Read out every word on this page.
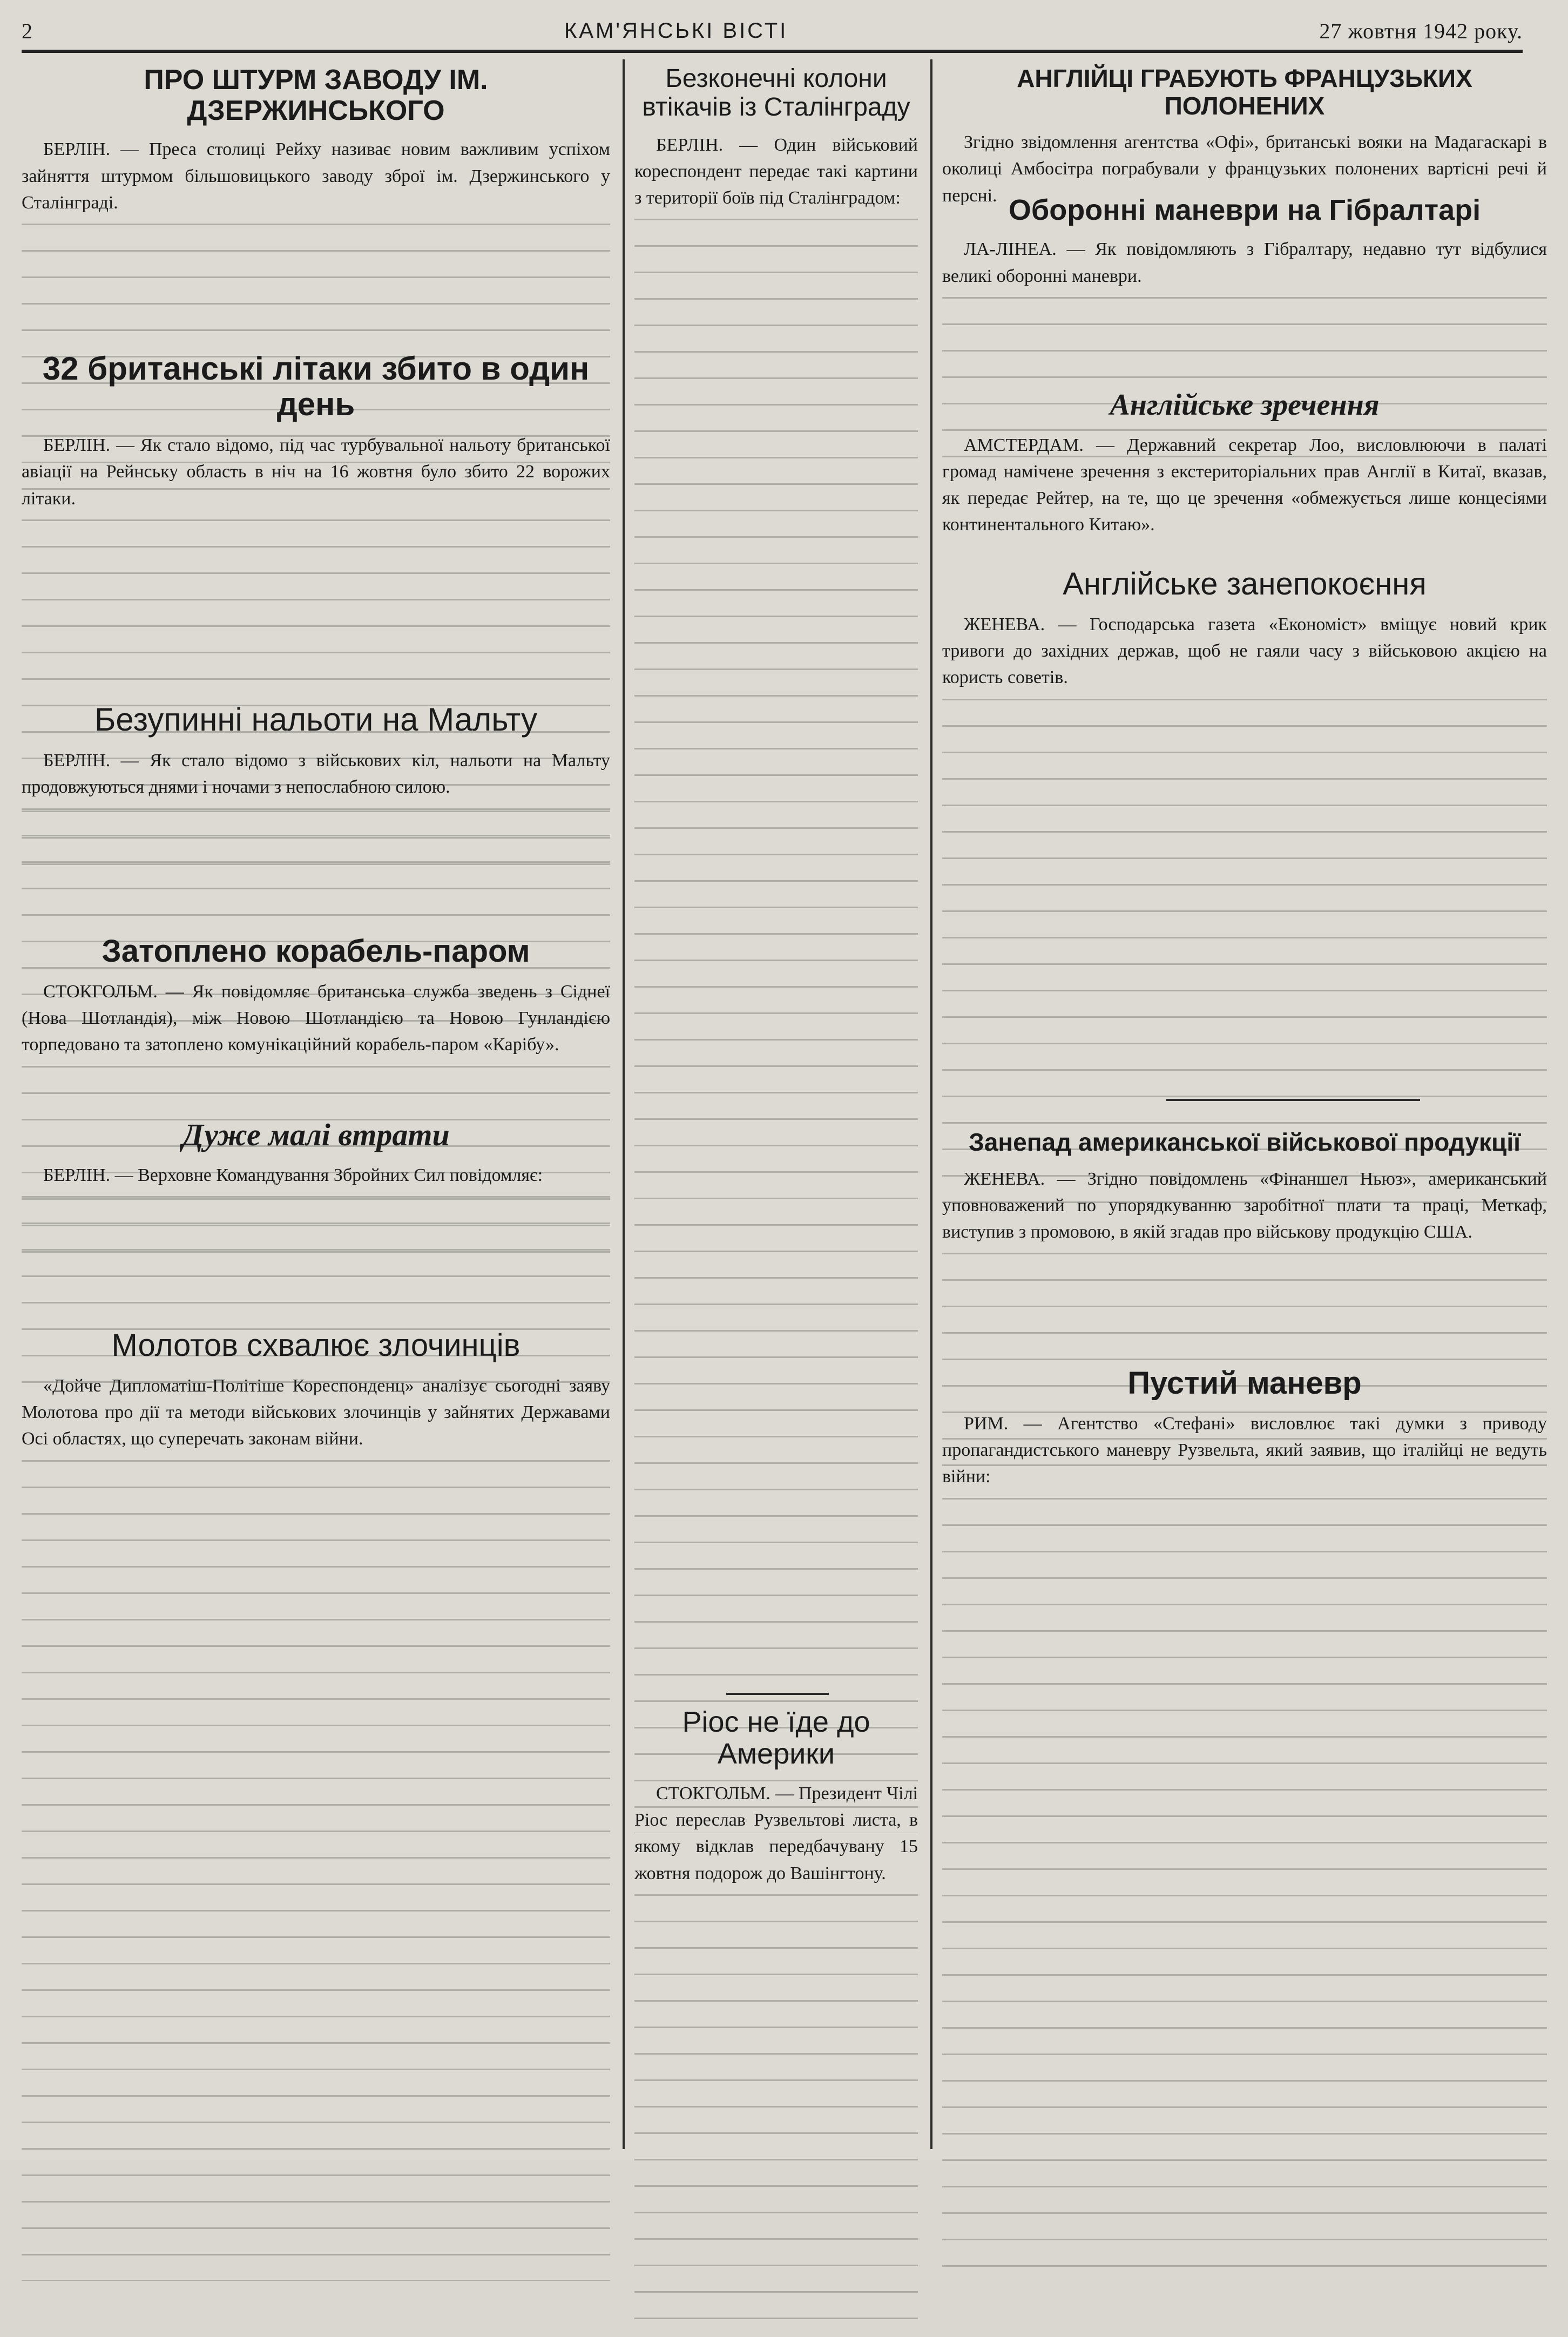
2	КАМ'ЯНСЬКІ ВІСТІ	27 жовтня 1942 року.
ПРО ШТУРМ ЗАВОДУ ІМ. ДЗЕРЖИНСЬКОГО

БЕРЛІН. — Преса столиці Рейху називає новим важливим успіхом зайняття штурмом більшовицького заводу зброї ім. Дзержинського у Сталінграді.

32 британські літаки збито в один день

БЕРЛІН. — Як стало відомо, під час турбувальної нальоту британської авіації на Рейнську область в ніч на 16 жовтня було збито 22 ворожих літаки.

Безупинні нальоти на Мальту

БЕРЛІН. — Як стало відомо з військових кіл, нальоти на Мальту продовжуються днями і ночами з непослабною силою.

Затоплено корабель-паром

СТОКГОЛЬМ. — Як повідомляє британська служба зведень з Сіднеї (Нова Шотландія), між Новою Шотландією та Новою Гунландією торпедовано та затоплено комунікаційний корабель-паром «Карібу».

Дуже малі втрати

БЕРЛІН. — Верховне Командування Збройних Сил повідомляє:

Молотов схвалює злочинців

«Дойче Дипломатіш-Політіше Кореспонденц» аналізує сьогодні заяву Молотова про дії та методи військових злочинців у зайнятих Державами Осі областях, що суперечать законам війни.

Безконечні колони втікачів із Сталінграду

БЕРЛІН. — Один військовий кореспондент передає такі картини з території боїв під Сталінградом:

Ріос не їде до Америки

СТОКГОЛЬМ. — Президент Чілі Ріос переслав Рузвельтові листа, в якому відклав передбачувану 15 жовтня подорож до Вашінгтону.

АНГЛІЙЦІ ГРАБУЮТЬ ФРАНЦУЗЬКИХ ПОЛОНЕНИХ

Згідно звідомлення агентства «Офі», британські вояки на Мадагаскарі в околиці Амбосітра пограбували у французьких полонених вартісні речі й персні. Оборонні маневри на Гібралтарі

ЛА-ЛІНЕА. — Як повідомляють з Гібралтару, недавно тут відбулися великі оборонні маневри.

Англійське зречення

АМСТЕРДАМ. — Державний секретар Лоо, висловлюючи в палаті громад намічене зречення з екстериторіальних прав Англії в Китаї, вказав, як передає Рейтер, на те, що це зречення «обмежується лише концесіями континентального Китаю».

Англійське занепокоєння

ЖЕНЕВА. — Господарська газета «Економіст» вміщує новий крик тривоги до західних держав, щоб не гаяли часу з військовою акцією на користь советів.

Занепад американської військової продукції

ЖЕНЕВА. — Згідно повідомлень «Фінаншел Ньюз», американський уповноважений по упорядкуванню заробітної плати та праці, Меткаф, виступив з промовою, в якій згадав про військову продукцію США.

Пустий маневр

РИМ. — Агентство «Стефані» висловлює такі думки з приводу пропагандистського маневру Рузвельта, який заявив, що італійці не ведуть війни:
